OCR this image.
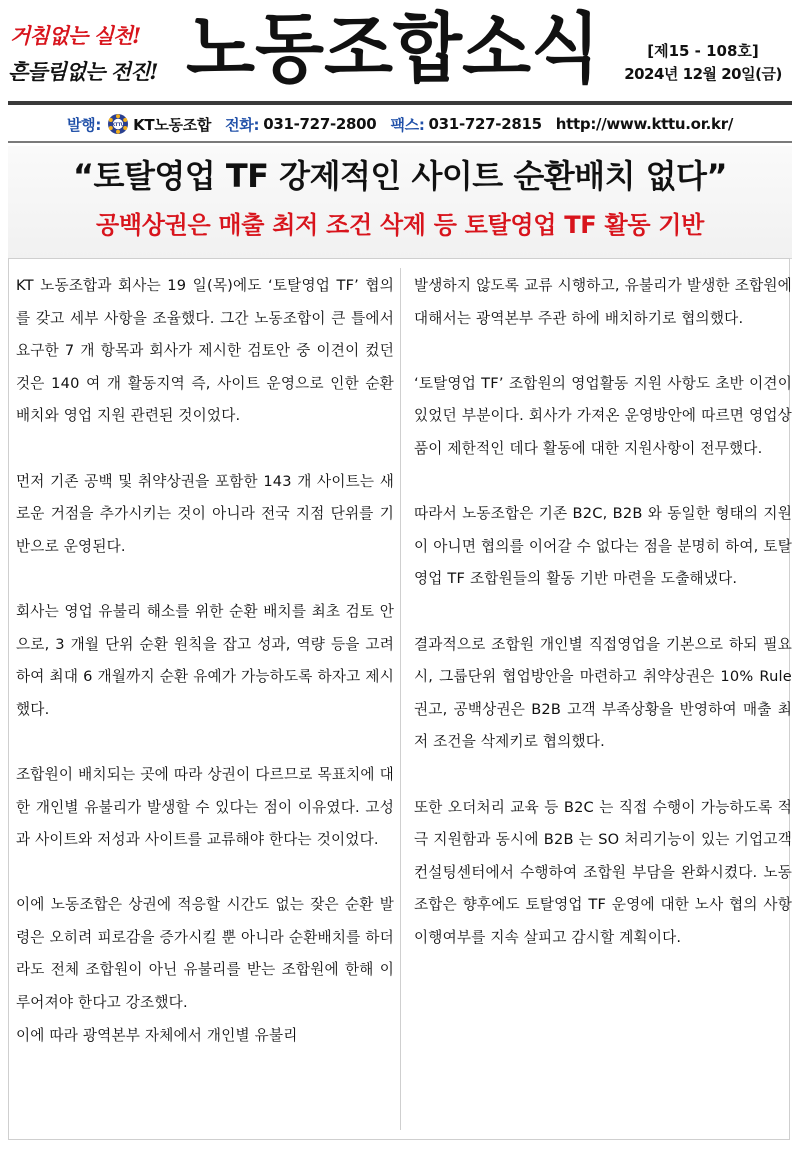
거침없는 실천!
흔들림없는 전진! 노동조합소식	[제15 - 108호]
2024년 12월 20일(금)
발행: KTTU KT노동조합 전화: 031-727-2800 팩스: 031-727-2815 http://www.kttu.or.kr/
“토탈영업 TF 강제적인 사이트 순환배치 없다”
공백상권은 매출 최저 조건 삭제 등 토탈영업 TF 활동 기반

KT 노동조합과 회사는 19 일(목)에도 ‘토탈영업 TF’ 협의를 갖고 세부 사항을 조율했다. 그간 노동조합이 큰 틀에서 요구한 7 개 항목과 회사가 제시한 검토안 중 이견이 컸던 것은 140 여 개 활동지역 즉, 사이트 운영으로 인한 순환 배치와 영업 지원 관련된 것이었다.

먼저 기존 공백 및 취약상권을 포함한 143 개 사이트는 새로운 거점을 추가시키는 것이 아니라 전국 지점 단위를 기반으로 운영된다.

회사는 영업 유불리 해소를 위한 순환 배치를 최초 검토 안으로, 3 개월 단위 순환 원칙을 잡고 성과, 역량 등을 고려하여 최대 6 개월까지 순환 유예가 가능하도록 하자고 제시했다.

조합원이 배치되는 곳에 따라 상권이 다르므로 목표치에 대한 개인별 유불리가 발생할 수 있다는 점이 이유였다. 고성과 사이트와 저성과 사이트를 교류해야 한다는 것이었다.

이에 노동조합은 상권에 적응할 시간도 없는 잦은 순환 발령은 오히려 피로감을 증가시킬 뿐 아니라 순환배치를 하더라도 전체 조합원이 아닌 유불리를 받는 조합원에 한해 이루어져야 한다고 강조했다.

이에 따라 광역본부 자체에서 개인별 유불리

발생하지 않도록 교류 시행하고, 유불리가 발생한 조합원에 대해서는 광역본부 주관 하에 배치하기로 협의했다.

‘토탈영업 TF’ 조합원의 영업활동 지원 사항도 초반 이견이 있었던 부분이다. 회사가 가져온 운영방안에 따르면 영업상품이 제한적인 데다 활동에 대한 지원사항이 전무했다.

따라서 노동조합은 기존 B2C, B2B 와 동일한 형태의 지원이 아니면 협의를 이어갈 수 없다는 점을 분명히 하여, 토탈영업 TF 조합원들의 활동 기반 마련을 도출해냈다.

결과적으로 조합원 개인별 직접영업을 기본으로 하되 필요 시, 그룹단위 협업방안을 마련하고 취약상권은 10% Rule 권고, 공백상권은 B2B 고객 부족상황을 반영하여 매출 최저 조건을 삭제키로 협의했다.

또한 오더처리 교육 등 B2C 는 직접 수행이 가능하도록 적극 지원함과 동시에 B2B 는 SO 처리기능이 있는 기업고객 컨설팅센터에서 수행하여 조합원 부담을 완화시켰다. 노동조합은 향후에도 토탈영업 TF 운영에 대한 노사 협의 사항 이행여부를 지속 살피고 감시할 계획이다.
